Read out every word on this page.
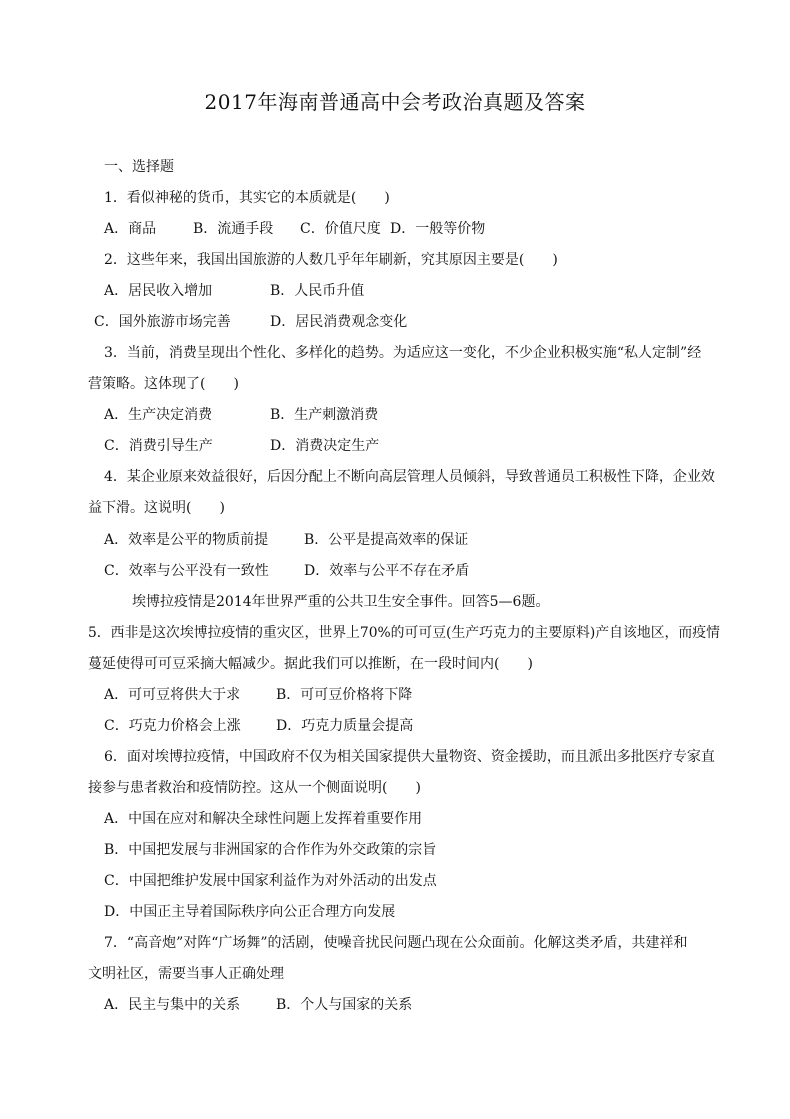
2017年海南普通高中会考政治真题及答案
一、选择题
1．看似神秘的货币，其实它的本质就是(　　)
A．商品	B．流通手段 C．价值尺度 D．一般等价物
2．这些年来，我国出国旅游的人数几乎年年刷新，究其原因主要是(　　)
A．居民收入增加	B．人民币升值
C．国外旅游市场完善	D．居民消费观念变化
3．当前，消费呈现出个性化、多样化的趋势。为适应这一变化，不少企业积极实施“私人定制”经
营策略。这体现了(　　)
A．生产决定消费	B．生产刺激消费
C．消费引导生产	D．消费决定生产
4．某企业原来效益很好，后因分配上不断向高层管理人员倾斜，导致普通员工积极性下降，企业效
益下滑。这说明(　　)
A．效率是公平的物质前提	B．公平是提高效率的保证
C．效率与公平没有一致性	D．效率与公平不存在矛盾
埃博拉疫情是2014年世界严重的公共卫生安全事件。回答5—6题。
5．西非是这次埃博拉疫情的重灾区，世界上70%的可可豆(生产巧克力的主要原料)产自该地区，而疫情
蔓延使得可可豆采摘大幅减少。据此我们可以推断，在一段时间内(　　)
A．可可豆将供大于求	B．可可豆价格将下降
C．巧克力价格会上涨	D．巧克力质量会提高
6．面对埃博拉疫情，中国政府不仅为相关国家提供大量物资、资金援助，而且派出多批医疗专家直
接参与患者救治和疫情防控。这从一个侧面说明(　　)
A．中国在应对和解决全球性问题上发挥着重要作用
B．中国把发展与非洲国家的合作作为外交政策的宗旨
C．中国把维护发展中国家利益作为对外活动的出发点
D．中国正主导着国际秩序向公正合理方向发展
7．“高音炮”对阵“广场舞”的活剧，使噪音扰民问题凸现在公众面前。化解这类矛盾，共建祥和
文明社区，需要当事人正确处理
A．民主与集中的关系	B．个人与国家的关系
